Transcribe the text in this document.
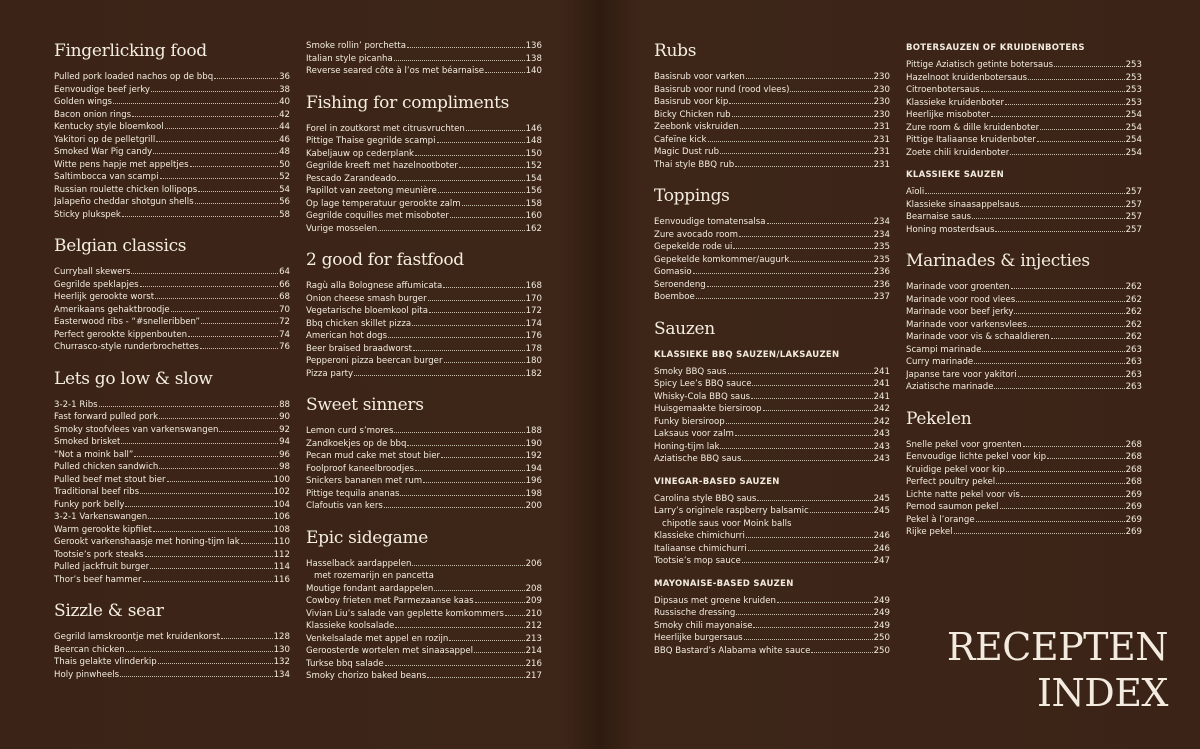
Fingerlicking food
Pulled pork loaded nachos op de bbq	36
Eenvoudige beef jerky	38
Golden wings	40
Bacon onion rings	42
Kentucky style bloemkool	44
Yakitori op de pelletgrill	46
Smoked War Pig candy	48
Witte pens hapje met appeltjes	50
Saltimbocca van scampi	52
Russian roulette chicken lollipops	54
Jalapeño cheddar shotgun shells	56
Sticky plukspek	58
Belgian classics
Curryball skewers	64
Gegrilde speklapjes	66
Heerlijk gerookte worst	68
Amerikaans gehaktbroodje	70
Easterwood ribs - “#snelleribben”	72
Perfect gerookte kippenbouten	74
Churrasco-style runderbrochettes	76
Lets go low & slow
3-2-1 Ribs	88
Fast forward pulled pork	90
Smoky stoofvlees van varkenswangen	92
Smoked brisket	94
“Not a moink ball”	96
Pulled chicken sandwich	98
Pulled beef met stout bier	100
Traditional beef ribs	102
Funky pork belly	104
3-2-1 Varkenswangen	106
Warm gerookte kipfilet	108
Gerookt varkenshaasje met honing-tijm lak	110
Tootsie’s pork steaks	112
Pulled jackfruit burger	114
Thor’s beef hammer	116
Sizzle & sear
Gegrild lamskroontje met kruidenkorst	128
Beercan chicken	130
Thais gelakte vlinderkip	132
Holy pinwheels	134
Smoke rollin’ porchetta	136
Italian style picanha	138
Reverse seared côte à l’os met béarnaise	140
Fishing for compliments
Forel in zoutkorst met citrusvruchten	146
Pittige Thaise gegrilde scampi	148
Kabeljauw op cederplank	150
Gegrilde kreeft met hazelnootboter	152
Pescado Zarandeado	154
Papillot van zeetong meunière	156
Op lage temperatuur gerookte zalm	158
Gegrilde coquilles met misoboter	160
Vurige mosselen	162
2 good for fastfood
Ragù alla Bolognese affumicata	168
Onion cheese smash burger	170
Vegetarische bloemkool pita	172
Bbq chicken skillet pizza	174
American hot dogs	176
Beer braised braadworst	178
Pepperoni pizza beercan burger	180
Pizza party	182
Sweet sinners
Lemon curd s’mores	188
Zandkoekjes op de bbq	190
Pecan mud cake met stout bier	192
Foolproof kaneelbroodjes	194
Snickers bananen met rum	196
Pittige tequila ananas	198
Clafoutis van kers	200
Epic sidegame
Hasselback aardappelen	206
met rozemarijn en pancetta
Moutige fondant aardappelen	208
Cowboy frieten met Parmezaanse kaas	209
Vivian Liu’s salade van geplette komkommers	210
Klassieke koolsalade	212
Venkelsalade met appel en rozijn	213
Geroosterde wortelen met sinaasappel	214
Turkse bbq salade	216
Smoky chorizo baked beans	217
Rubs
Basisrub voor varken	230
Basisrub voor rund (rood vlees)	230
Basisrub voor kip	230
Bicky Chicken rub	230
Zeebonk viskruiden	231
Cafeïne kick	231
Magic Dust rub	231
Thai style BBQ rub	231
Toppings
Eenvoudige tomatensalsa	234
Zure avocado room	234
Gepekelde rode ui	235
Gepekelde komkommer/augurk	235
Gomasio	236
Seroendeng	236
Boemboe	237
Sauzen
KLASSIEKE BBQ SAUZEN/LAKSAUZEN
Smoky BBQ saus	241
Spicy Lee’s BBQ sauce	241
Whisky-Cola BBQ saus	241
Huisgemaakte biersiroop	242
Funky biersiroop	242
Laksaus voor zalm	243
Honing-tijm lak	243
Aziatische BBQ saus	243
VINEGAR-BASED SAUZEN
Carolina style BBQ saus	245
Larry’s originele raspberry balsamic	245
chipotle saus voor Moink balls
Klassieke chimichurri	246
Italiaanse chimichurri	246
Tootsie’s mop sauce	247
MAYONAISE-BASED SAUZEN
Dipsaus met groene kruiden	249
Russische dressing	249
Smoky chili mayonaise	249
Heerlijke burgersaus	250
BBQ Bastard’s Alabama white sauce	250
BOTERSAUZEN OF KRUIDENBOTERS
Pittige Aziatisch getinte botersaus	253
Hazelnoot kruidenbotersaus	253
Citroenbotersaus	253
Klassieke kruidenboter	253
Heerlijke misoboter	254
Zure room & dille kruidenboter	254
Pittige Italiaanse kruidenboter	254
Zoete chili kruidenboter	254
KLASSIEKE SAUZEN
Aïoli	257
Klassieke sinaasappelsaus	257
Bearnaise saus	257
Honing mosterdsaus	257
Marinades & injecties
Marinade voor groenten	262
Marinade voor rood vlees	262
Marinade voor beef jerky	262
Marinade voor varkensvlees	262
Marinade voor vis & schaaldieren	262
Scampi marinade	263
Curry marinade	263
Japanse tare voor yakitori	263
Aziatische marinade	263
Pekelen
Snelle pekel voor groenten	268
Eenvoudige lichte pekel voor kip	268
Kruidige pekel voor kip	268
Perfect poultry pekel	268
Lichte natte pekel voor vis	269
Pernod saumon pekel	269
Pekel à l’orange	269
Rijke pekel	269
RECEPTEN
INDEX
